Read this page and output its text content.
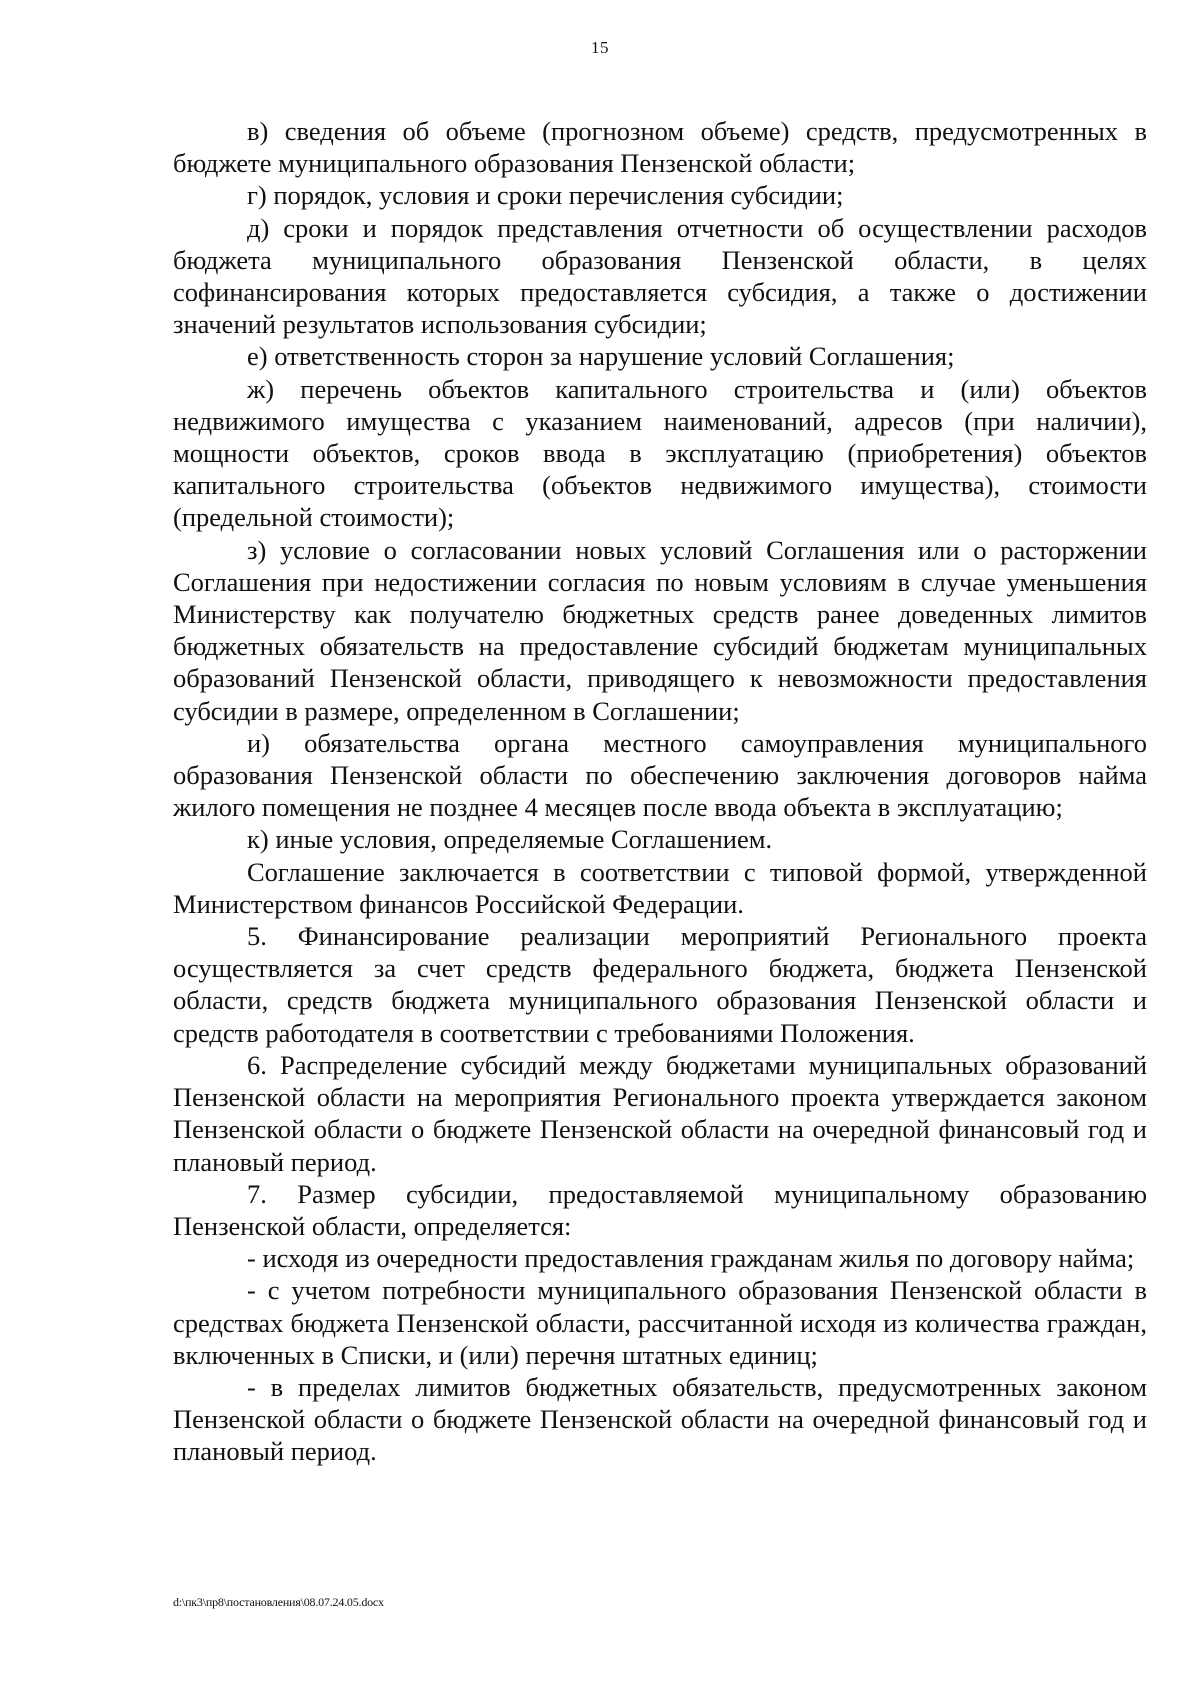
15

в) сведения об объеме (прогнозном объеме) средств, предусмотренных в бюджете муниципального образования Пензенской области;

г) порядок, условия и сроки перечисления субсидии;

д) сроки и порядок представления отчетности об осуществлении расходов бюджета муниципального образования Пензенской области, в целях софинансирования которых предоставляется субсидия, а также о достижении значений результатов использования субсидии;

е) ответственность сторон за нарушение условий Соглашения;

ж) перечень объектов капитального строительства и (или) объектов недвижимого имущества с указанием наименований, адресов (при наличии), мощности объектов, сроков ввода в эксплуатацию (приобретения) объектов капитального строительства (объектов недвижимого имущества), стоимости (предельной стоимости);

з) условие о согласовании новых условий Соглашения или о расторжении Соглашения при недостижении согласия по новым условиям в случае уменьшения Министерству как получателю бюджетных средств ранее доведенных лимитов бюджетных обязательств на предоставление субсидий бюджетам муниципальных образований Пензенской области, приводящего к невозможности предоставления субсидии в размере, определенном в Соглашении;

и) обязательства органа местного самоуправления муниципального образования Пензенской области по обеспечению заключения договоров найма жилого помещения не позднее 4 месяцев после ввода объекта в эксплуатацию;

к) иные условия, определяемые Соглашением.

Соглашение заключается в соответствии с типовой формой, утвержденной Министерством финансов Российской Федерации.

5. Финансирование реализации мероприятий Регионального проекта осуществляется за счет средств федерального бюджета, бюджета Пензенской области, средств бюджета муниципального образования Пензенской области и средств работодателя в соответствии с требованиями Положения.

6. Распределение субсидий между бюджетами муниципальных образований Пензенской области на мероприятия Регионального проекта утверждается законом Пензенской области о бюджете Пензенской области на очередной финансовый год и плановый период.

7. Размер субсидии, предоставляемой муниципальному образованию Пензенской области, определяется:

- исходя из очередности предоставления гражданам жилья по договору найма;

- с учетом потребности муниципального образования Пензенской области в средствах бюджета Пензенской области, рассчитанной исходя из количества граждан, включенных в Списки, и (или) перечня штатных единиц;

- в пределах лимитов бюджетных обязательств, предусмотренных законом Пензенской области о бюджете Пензенской области на очередной финансовый год и плановый период.

d:\пк3\пр8\постановления\08.07.24.05.docx
